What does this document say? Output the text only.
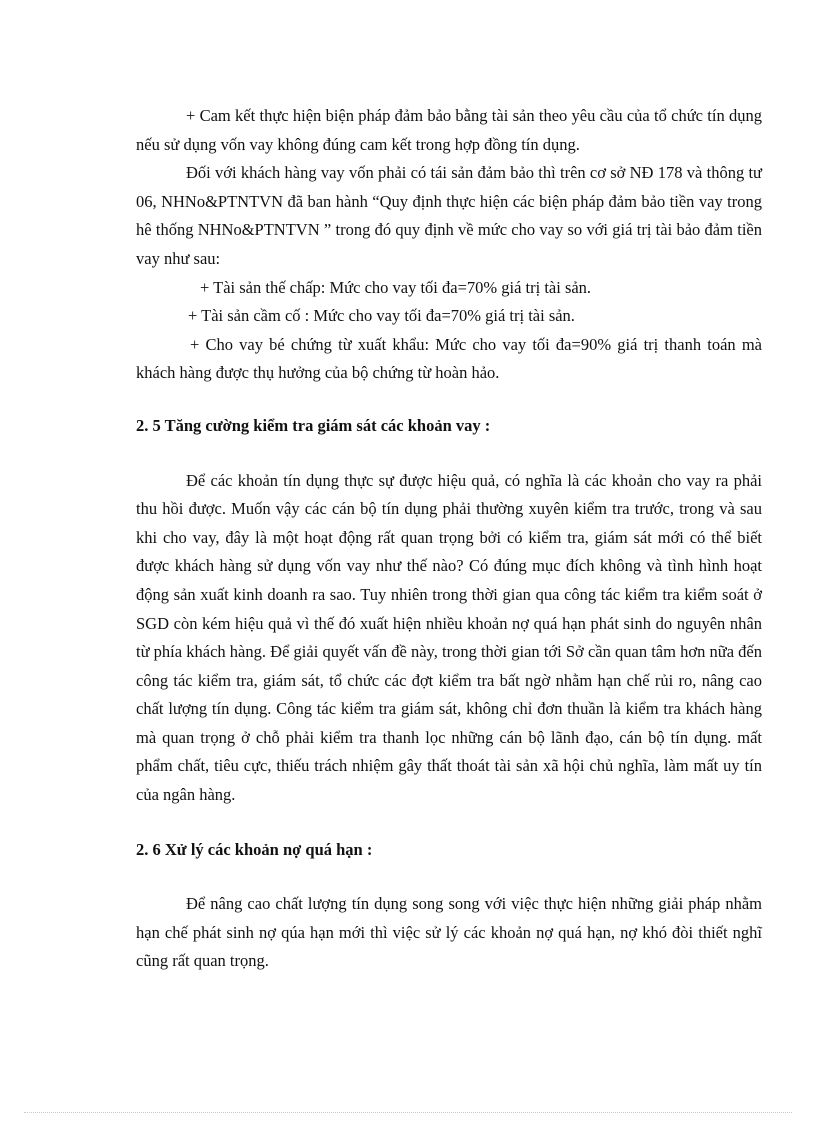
+ Cam kết thực hiện biện pháp đảm bảo bằng tài sản theo yêu cầu của tổ chức tín dụng nếu sử dụng vốn vay không đúng cam kết trong hợp đồng tín dụng.

Đối với khách hàng vay vốn phải có tái sản đảm bảo thì trên cơ sở NĐ 178 và thông tư 06, NHNo&PTNTVN đã ban hành “Quy định thực hiện các biện pháp đảm bảo tiền vay trong hê thống NHNo&PTNTVN ” trong đó quy định về mức cho vay so với giá trị tài bảo đảm tiền vay như sau:

+ Tài sản thế chấp: Mức cho vay tối đa=70% giá trị tài sản.

+ Tài sản cầm cố : Mức cho vay tối đa=70% giá trị tài sản.

+ Cho vay bé chứng từ xuất khẩu: Mức cho vay tối đa=90% giá trị thanh toán mà khách hàng được thụ hưởng của bộ chứng từ hoàn hảo.

2. 5 Tăng cường kiểm tra giám sát các khoản vay :

Để các khoản tín dụng thực sự được hiệu quả, có nghĩa là các khoản cho vay ra phải thu hồi được. Muốn vậy các cán bộ tín dụng phải thường xuyên kiểm tra trước, trong và sau khi cho vay, đây là một hoạt động rất quan trọng bởi có kiểm tra, giám sát mới có thể biết được khách hàng sử dụng vốn vay như thế nào? Có đúng mục đích không và tình hình hoạt động sản xuất kinh doanh ra sao. Tuy nhiên trong thời gian qua công tác kiểm tra kiểm soát ở SGD còn kém hiệu quả vì thế đó xuất hiện nhiều khoản nợ quá hạn phát sinh do nguyên nhân từ phía khách hàng. Để giải quyết vấn đề này, trong thời gian tới Sở cần quan tâm hơn nữa đến công tác kiểm tra, giám sát, tổ chức các đợt kiểm tra bất ngờ nhằm hạn chế rủi ro, nâng cao chất lượng tín dụng. Công tác kiểm tra giám sát, không chỉ đơn thuần là kiểm tra khách hàng mà quan trọng ở chỗ phải kiểm tra thanh lọc những cán bộ lãnh đạo, cán bộ tín dụng. mất phẩm chất, tiêu cực, thiếu trách nhiệm gây thất thoát tài sản xã hội chủ nghĩa, làm mất uy tín của ngân hàng.

2. 6 Xử lý các khoản nợ quá hạn :

Để nâng cao chất lượng tín dụng song song với việc thực hiện những giải pháp nhằm hạn chế phát sinh nợ qúa hạn mới thì việc sử lý các khoản nợ quá hạn, nợ khó đòi thiết nghĩ cũng rất quan trọng.
